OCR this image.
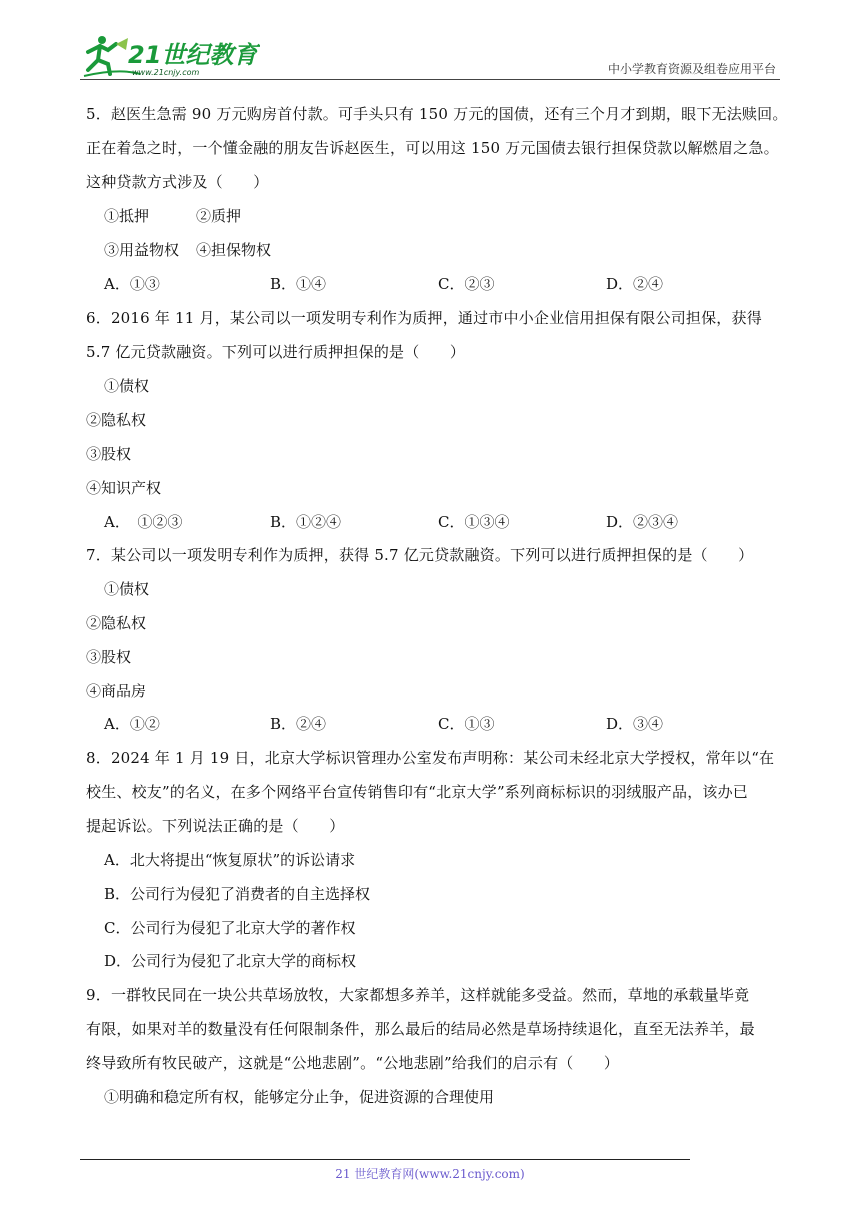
21世纪教育
www.21cnjy.com	中小学教育资源及组卷应用平台
5．赵医生急需 90 万元购房首付款。可手头只有 150 万元的国债，还有三个月才到期，眼下无法赎回。
正在着急之时，一个懂金融的朋友告诉赵医生，可以用这 150 万元国债去银行担保贷款以解燃眉之急。
这种贷款方式涉及（　　）
①抵押	②质押
③用益物权 ④担保物权
A．①③	B．①④	C．②③	D．②④
6．2016 年 11 月，某公司以一项发明专利作为质押，通过市中小企业信用担保有限公司担保，获得
5.7 亿元贷款融资。下列可以进行质押担保的是（　　）
①债权
②隐私权
③股权
④知识产权
A．　①②③	B．①②④	C．①③④	D．②③④
7．某公司以一项发明专利作为质押，获得 5.7 亿元贷款融资。下列可以进行质押担保的是（　　）
①债权
②隐私权
③股权
④商品房
A．①②	B．②④	C．①③	D．③④
8．2024 年 1 月 19 日，北京大学标识管理办公室发布声明称：某公司未经北京大学授权，常年以“在
校生、校友”的名义，在多个网络平台宣传销售印有“北京大学”系列商标标识的羽绒服产品，该办已
提起诉讼。下列说法正确的是（　　）
A．北大将提出“恢复原状”的诉讼请求
B．公司行为侵犯了消费者的自主选择权
C．公司行为侵犯了北京大学的著作权
D．公司行为侵犯了北京大学的商标权
9．一群牧民同在一块公共草场放牧，大家都想多养羊，这样就能多受益。然而，草地的承载量毕竟
有限，如果对羊的数量没有任何限制条件，那么最后的结局必然是草场持续退化，直至无法养羊，最
终导致所有牧民破产，这就是“公地悲剧”。“公地悲剧”给我们的启示有（　　）
①明确和稳定所有权，能够定分止争，促进资源的合理使用
21 世纪教育网(www.21cnjy.com)
